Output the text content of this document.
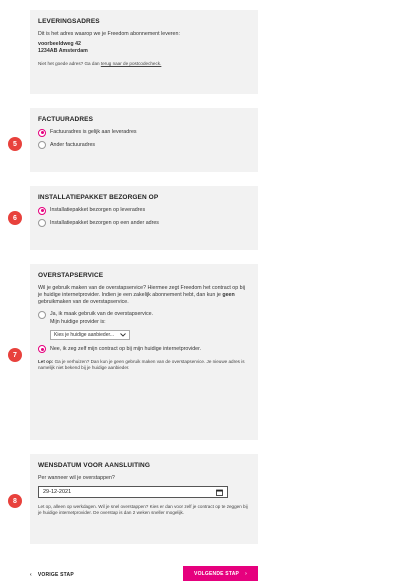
LEVERINGSADRES

Dit is het adres waarop we je Freedom abonnement leveren:

voorbeeldweg 42

1234AB Amsterdam

Niet het goede adres? Ga dan terug naar de postcodecheck.

5
FACTUURADRES
Factuuradres is gelijk aan leveradres
Ander factuuradres
6
INSTALLATIEPAKKET BEZORGEN OP
Installatiepakket bezorgen op leveradres
Installatiepakket bezorgen op een ander adres
7
OVERSTAPSERVICE

Wil je gebruik maken van de overstapservice? Hiermee zegt Freedom het contract op bij je huidige internetprovider. Indien je een zakelijk abonnement hebt, dan kun je geen gebruikmaken van de overstapservice.

Ja, ik maak gebruik van de overstapservice.

Mijn huidige provider is:

Kies je huidige aanbieder...
Nee, ik zeg zelf mijn contract op bij mijn huidige internetprovider.

Let op: Ga je verhuizen? Dan kun je geen gebruik maken van de overstapservice. Je nieuwe adres is namelijk niet bekend bij je huidige aanbieder.

8
WENSDATUM VOOR AANSLUITING

Per wanneer wil je overstappen?

29-12-2021

Let op, alleen op werkdagen. Wil je snel overstappen? Kies er dan voor zelf je contract op te zeggen bij je huidige internetprovider. De overstap is dan 2 weken sneller mogelijk.

‹ VORIGE STAP	VOLGENDE STAP ›
